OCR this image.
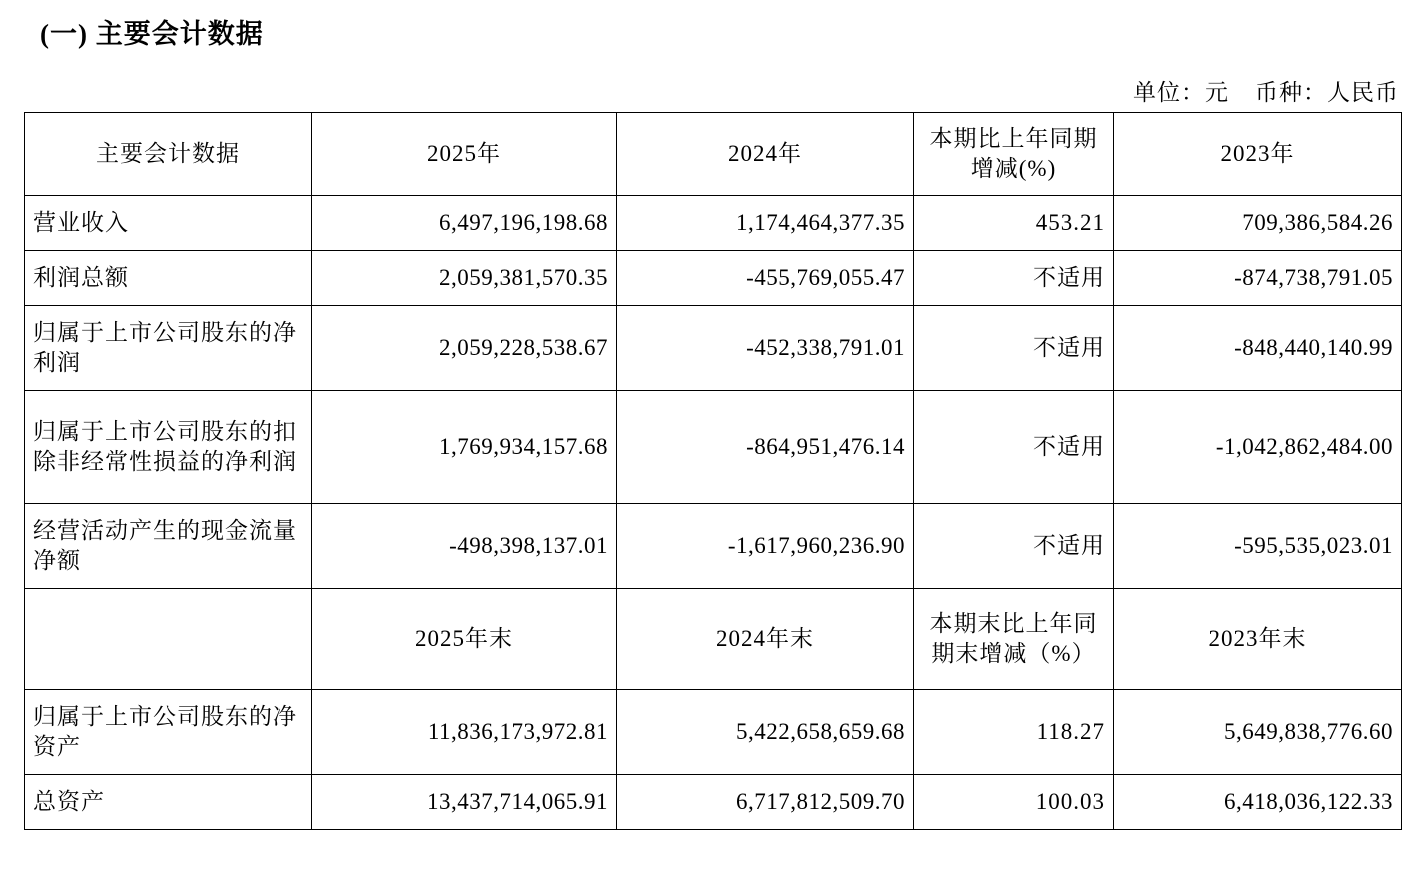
(一) 主要会计数据
单位：元 币种：人民币
主要会计数据	2025年	2024年	本期比上年同期增减(%)	2023年
营业收入	6,497,196,198.68	1,174,464,377.35	453.21	709,386,584.26
利润总额	2,059,381,570.35	-455,769,055.47	不适用	-874,738,791.05
归属于上市公司股东的净利润	2,059,228,538.67	-452,338,791.01	不适用	-848,440,140.99
归属于上市公司股东的扣除非经常性损益的净利润	1,769,934,157.68	-864,951,476.14	不适用	-1,042,862,484.00
经营活动产生的现金流量净额	-498,398,137.01	-1,617,960,236.90	不适用	-595,535,023.01
	2025年末	2024年末	本期末比上年同期末增减（%）	2023年末
归属于上市公司股东的净资产	11,836,173,972.81	5,422,658,659.68	118.27	5,649,838,776.60
总资产	13,437,714,065.91	6,717,812,509.70	100.03	6,418,036,122.33
